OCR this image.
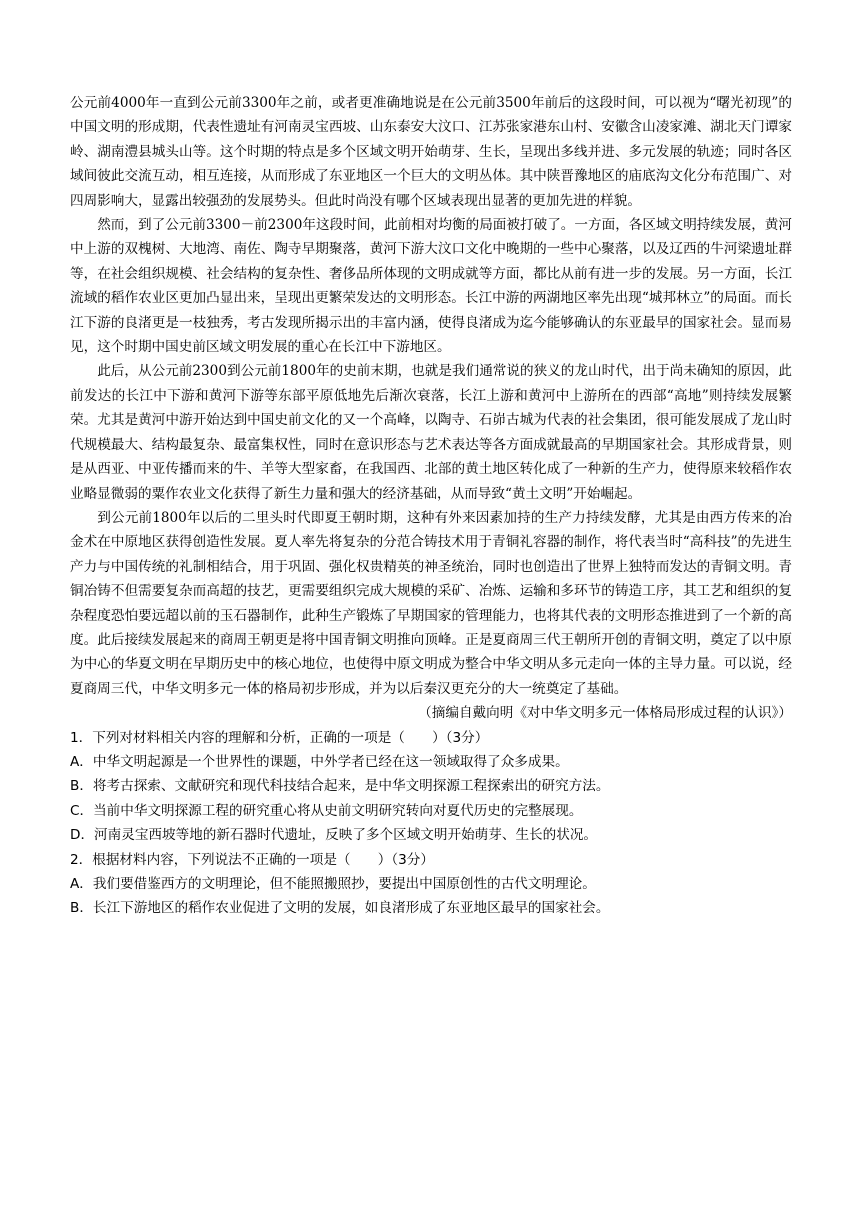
公元前4000年一直到公元前3300年之前，或者更准确地说是在公元前3500年前后的这段时间，可以视为“曙光初现”的中国文明的形成期，代表性遗址有河南灵宝西坡、山东泰安大汶口、江苏张家港东山村、安徽含山凌家滩、湖北天门谭家岭、湖南澧县城头山等。这个时期的特点是多个区域文明开始萌芽、生长，呈现出多线并进、多元发展的轨迹；同时各区域间彼此交流互动，相互连接，从而形成了东亚地区一个巨大的文明丛体。其中陕晋豫地区的庙底沟文化分布范围广、对四周影响大，显露出较强劲的发展势头。但此时尚没有哪个区域表现出显著的更加先进的样貌。

然而，到了公元前3300－前2300年这段时间，此前相对均衡的局面被打破了。一方面，各区域文明持续发展，黄河中上游的双槐树、大地湾、南佐、陶寺早期聚落，黄河下游大汶口文化中晚期的一些中心聚落，以及辽西的牛河梁遗址群等，在社会组织规模、社会结构的复杂性、奢侈品所体现的文明成就等方面，都比从前有进一步的发展。另一方面，长江流域的稻作农业区更加凸显出来，呈现出更繁荣发达的文明形态。长江中游的两湖地区率先出现“城邦林立”的局面。而长江下游的良渚更是一枝独秀，考古发现所揭示出的丰富内涵，使得良渚成为迄今能够确认的东亚最早的国家社会。显而易见，这个时期中国史前区域文明发展的重心在长江中下游地区。

此后，从公元前2300到公元前1800年的史前末期，也就是我们通常说的狭义的龙山时代，出于尚未确知的原因，此前发达的长江中下游和黄河下游等东部平原低地先后渐次衰落，长江上游和黄河中上游所在的西部“高地”则持续发展繁荣。尤其是黄河中游开始达到中国史前文化的又一个高峰，以陶寺、石峁古城为代表的社会集团，很可能发展成了龙山时代规模最大、结构最复杂、最富集权性，同时在意识形态与艺术表达等各方面成就最高的早期国家社会。其形成背景，则是从西亚、中亚传播而来的牛、羊等大型家畜，在我国西、北部的黄土地区转化成了一种新的生产力，使得原来较稻作农业略显微弱的粟作农业文化获得了新生力量和强大的经济基础，从而导致“黄土文明”开始崛起。

到公元前1800年以后的二里头时代即夏王朝时期，这种有外来因素加持的生产力持续发酵，尤其是由西方传来的冶金术在中原地区获得创造性发展。夏人率先将复杂的分范合铸技术用于青铜礼容器的制作，将代表当时“高科技”的先进生产力与中国传统的礼制相结合，用于巩固、强化权贵精英的神圣统治，同时也创造出了世界上独特而发达的青铜文明。青铜冶铸不但需要复杂而高超的技艺，更需要组织完成大规模的采矿、冶炼、运输和多环节的铸造工序，其工艺和组织的复杂程度恐怕要远超以前的玉石器制作，此种生产锻炼了早期国家的管理能力，也将其代表的文明形态推进到了一个新的高度。此后接续发展起来的商周王朝更是将中国青铜文明推向顶峰。正是夏商周三代王朝所开创的青铜文明，奠定了以中原为中心的华夏文明在早期历史中的核心地位，也使得中原文明成为整合中华文明从多元走向一体的主导力量。可以说，经夏商周三代，中华文明多元一体的格局初步形成，并为以后秦汉更充分的大一统奠定了基础。

（摘编自戴向明《对中华文明多元一体格局形成过程的认识》）

1．下列对材料相关内容的理解和分析，正确的一项是（　　）（3分）

A．中华文明起源是一个世界性的课题，中外学者已经在这一领域取得了众多成果。

B．将考古探索、文献研究和现代科技结合起来，是中华文明探源工程探索出的研究方法。

C．当前中华文明探源工程的研究重心将从史前文明研究转向对夏代历史的完整展现。

D．河南灵宝西坡等地的新石器时代遗址，反映了多个区域文明开始萌芽、生长的状况。

2．根据材料内容，下列说法不正确的一项是（　　）（3分）

A．我们要借鉴西方的文明理论，但不能照搬照抄，要提出中国原创性的古代文明理论。

B．长江下游地区的稻作农业促进了文明的发展，如良渚形成了东亚地区最早的国家社会。
